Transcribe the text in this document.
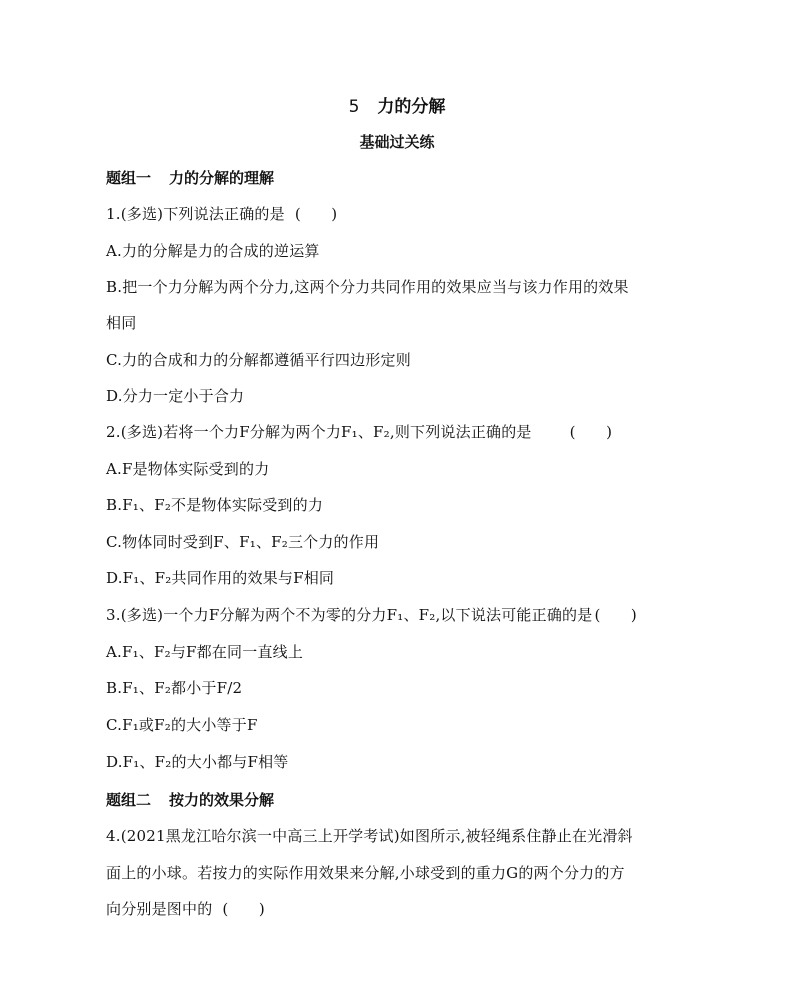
5 力的分解
基础过关练
题组一 力的分解的理解
1.(多选)下列说法正确的是 (　　)
A.力的分解是力的合成的逆运算
B.把一个力分解为两个分力,这两个分力共同作用的效果应当与该力作用的效果
相同
C.力的合成和力的分解都遵循平行四边形定则
D.分力一定小于合力
2.(多选)若将一个力F分解为两个力F₁、F₂,则下列说法正确的是	(　　)
A.F是物体实际受到的力
B.F₁、F₂不是物体实际受到的力
C.物体同时受到F、F₁、F₂三个力的作用
D.F₁、F₂共同作用的效果与F相同
3.(多选)一个力F分解为两个不为零的分力F₁、F₂,以下说法可能正确的是 (　　)
A.F₁、F₂与F都在同一直线上
B.F₁、F₂都小于F/2
C.F₁或F₂的大小等于F
D.F₁、F₂的大小都与F相等
题组二 按力的效果分解
4.(2021黑龙江哈尔滨一中高三上开学考试)如图所示,被轻绳系住静止在光滑斜
面上的小球。若按力的实际作用效果来分解,小球受到的重力G的两个分力的方
向分别是图中的 (　　)
